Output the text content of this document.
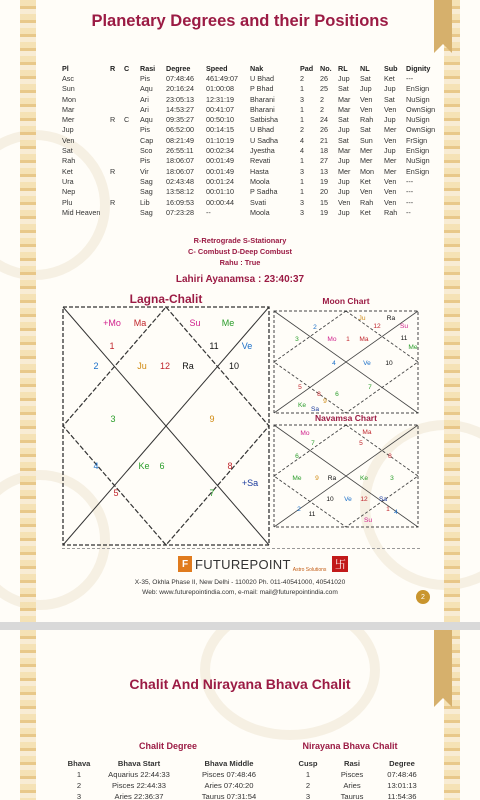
Planetary Degrees and their Positions
Pl	R	C	Rasi	Degree	Speed	Nak	Pad	No.	RL	NL	Sub	Dignity
Asc			Pis	07:48:46	461:49:07	U Bhad	2	26	Jup	Sat	Ket	---
Sun			Aqu	20:16:24	01:00:08	P Bhad	1	25	Sat	Jup	Jup	EnSign
Mon			Ari	23:05:13	12:31:19	Bharani	3	2	Mar	Ven	Sat	NuSign
Mar			Ari	14:53:27	00:41:07	Bharani	1	2	Mar	Ven	Ven	OwnSign
Mer	R	C	Aqu	09:35:27	00:50:10	Satbisha	1	24	Sat	Rah	Jup	NuSign
Jup			Pis	06:52:00	00:14:15	U Bhad	2	26	Jup	Sat	Mer	OwnSign
Ven			Cap	08:21:49	01:10:19	U Sadha	4	21	Sat	Sun	Ven	FrSign
Sat			Sco	26:55:11	00:02:34	Jyestha	4	18	Mar	Mer	Jup	EnSign
Rah			Pis	18:06:07	00:01:49	Revati	1	27	Jup	Mer	Mer	NuSign
Ket	R		Vir	18:06:07	00:01:49	Hasta	3	13	Mer	Mon	Mer	EnSign
Ura			Sag	02:43:48	00:01:24	Moola	1	19	Jup	Ket	Ven	---
Nep			Sag	13:58:12	00:01:10	P Sadha	1	20	Jup	Ven	Ven	---
Plu	R		Lib	16:09:53	00:00:44	Svati	3	15	Ven	Rah	Ven	---
Mid Heaven			Sag	07:23:28	--	Moola	3	19	Jup	Ket	Rah	--
R-Retrograde S-Stationary
C- Combust D-Deep Combust
Rahu : True
Lahiri Ayanamsa : 23:40:37
Lagna-Chalit	Moon Chart
Navamsa Chart
+Mo Ma	Su Me
1	11	Ve
2	Ju 12 Ra	10
3	9
4	Ke 6	8
5	7
+Sa
Ju	Ra
12	Su
2
11
3	Mo 1 Ma
Me
4	Ve 10
5	7
6
8
Ke
9
Sa
Mo	Ma
7	5
6	8
Me 9 Ra	Ke	3
10 Ve 12 Sa
2
11
1 4
Su
F FUTUREPOINT Astro Solutions 卐
X-35, Okhla Phase II, New Delhi - 110020 Ph. 011-40541000, 40541020
Web: www.futurepointindia.com, e-mail: mail@futurepointindia.com
2
Chalit And Nirayana Bhava Chalit
Chalit Degree	Nirayana Bhava Chalit
Bhava	Bhava Start	Bhava Middle
1	Aquarius 22:44:33	Pisces 07:48:46
2	Pisces 22:44:33	Aries 07:40:20
3	Aries 22:36:37	Taurus 07:31:54
Cusp	Rasi	Degree
1	Pisces	07:48:46
2	Aries	13:01:13
3	Taurus	11:54:36
